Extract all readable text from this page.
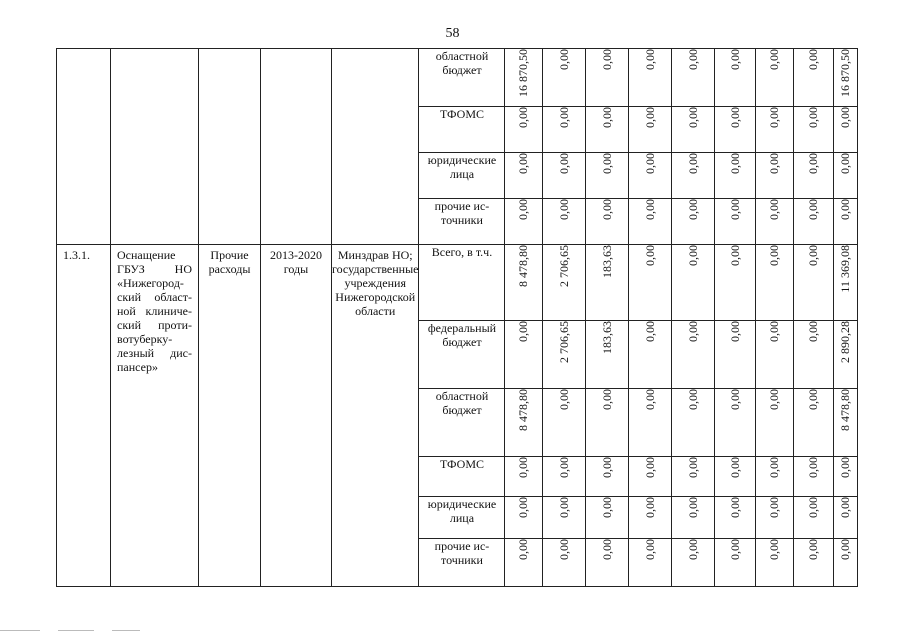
58
					областной бюджет	16 870,50	0,00	0,00	0,00	0,00	0,00	0,00	0,00	16 870,50
					ТФОМС	0,00	0,00	0,00	0,00	0,00	0,00	0,00	0,00	0,00
					юридические лица	0,00	0,00	0,00	0,00	0,00	0,00	0,00	0,00	0,00
					прочие ис-точники	0,00	0,00	0,00	0,00	0,00	0,00	0,00	0,00	0,00
1.3.1.	Оснащение ГБУЗ НО «Нижегород-ский област-ной клиниче-ский проти-вотуберку-лезный дис-пансер»	Прочие расходы	2013-2020 годы	Минздрав НО; государственные учреждения Нижегородской области	Всего, в т.ч.	8 478,80	2 706,65	183,63	0,00	0,00	0,00	0,00	0,00	11 369,08
					федеральный бюджет	0,00	2 706,65	183,63	0,00	0,00	0,00	0,00	0,00	2 890,28
					областной бюджет	8 478,80	0,00	0,00	0,00	0,00	0,00	0,00	0,00	8 478,80
					ТФОМС	0,00	0,00	0,00	0,00	0,00	0,00	0,00	0,00	0,00
					юридические лица	0,00	0,00	0,00	0,00	0,00	0,00	0,00	0,00	0,00
					прочие ис-точники	0,00	0,00	0,00	0,00	0,00	0,00	0,00	0,00	0,00
